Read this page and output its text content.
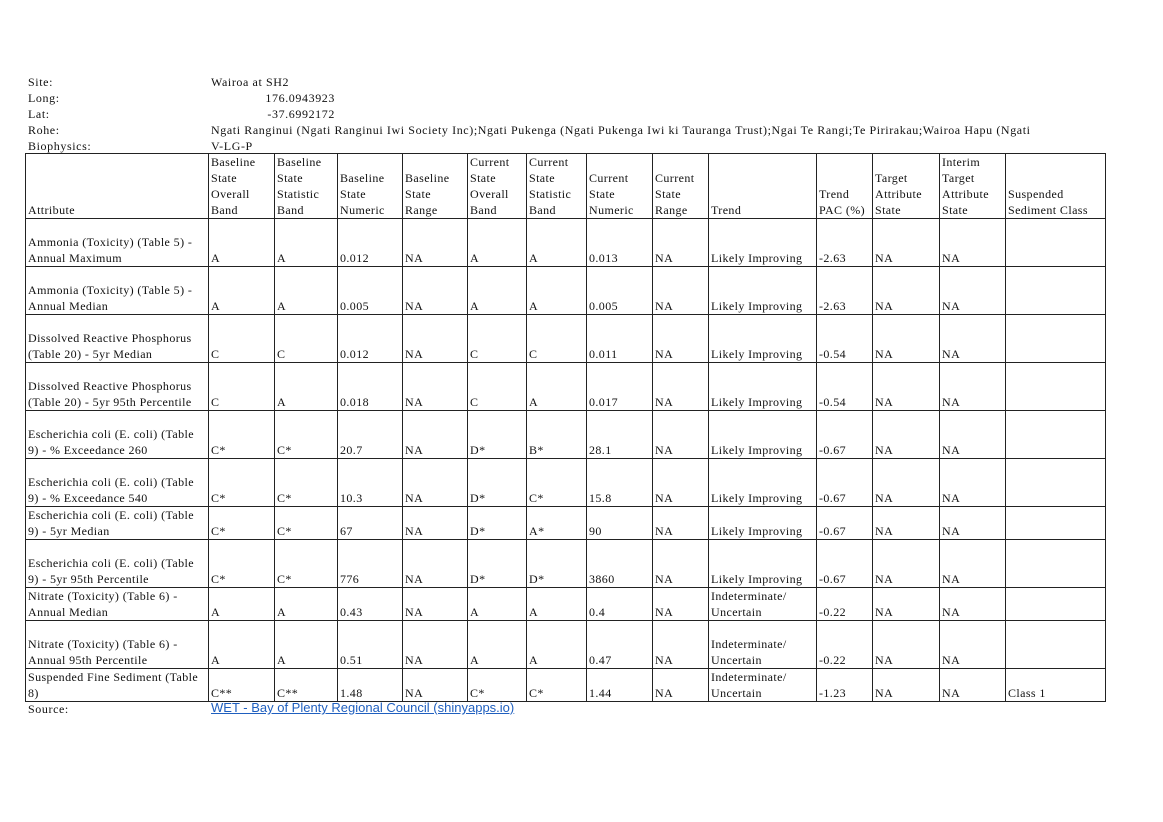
Site:	Wairoa at SH2
Long:	176.0943923
Lat:	-37.6992172
Rohe:	Ngati Ranginui (Ngati Ranginui Iwi Society Inc);Ngati Pukenga (Ngati Pukenga Iwi ki Tauranga Trust);Ngai Te Rangi;Te Pirirakau;Wairoa Hapu (Ngati
Biophysics:	V-LG-P
Attribute	Baseline State Overall Band	Baseline State Statistic Band	Baseline State Numeric	Baseline State Range	Current State Overall Band	Current State Statistic Band	Current State Numeric	Current State Range	Trend	Trend PAC (%)	Target Attribute State	Interim Target Attribute State	Suspended Sediment Class
Ammonia (Toxicity) (Table 5) - Annual Maximum	A	A	0.012	NA	A	A	0.013	NA	Likely Improving	-2.63	NA	NA	
Ammonia (Toxicity) (Table 5) - Annual Median	A	A	0.005	NA	A	A	0.005	NA	Likely Improving	-2.63	NA	NA	
Dissolved Reactive Phosphorus (Table 20) - 5yr Median	C	C	0.012	NA	C	C	0.011	NA	Likely Improving	-0.54	NA	NA	
Dissolved Reactive Phosphorus (Table 20) - 5yr 95th Percentile	C	A	0.018	NA	C	A	0.017	NA	Likely Improving	-0.54	NA	NA	
Escherichia coli (E. coli) (Table 9) - % Exceedance 260	C*	C*	20.7	NA	D*	B*	28.1	NA	Likely Improving	-0.67	NA	NA	
Escherichia coli (E. coli) (Table 9) - % Exceedance 540	C*	C*	10.3	NA	D*	C*	15.8	NA	Likely Improving	-0.67	NA	NA	
Escherichia coli (E. coli) (Table 9) - 5yr Median	C*	C*	67	NA	D*	A*	90	NA	Likely Improving	-0.67	NA	NA	
Escherichia coli (E. coli) (Table 9) - 5yr 95th Percentile	C*	C*	776	NA	D*	D*	3860	NA	Likely Improving	-0.67	NA	NA	
Nitrate (Toxicity) (Table 6) - Annual Median	A	A	0.43	NA	A	A	0.4	NA	Indeterminate/ Uncertain	-0.22	NA	NA	
Nitrate (Toxicity) (Table 6) - Annual 95th Percentile	A	A	0.51	NA	A	A	0.47	NA	Indeterminate/ Uncertain	-0.22	NA	NA	
Suspended Fine Sediment (Table 8)	C**	C**	1.48	NA	C*	C*	1.44	NA	Indeterminate/ Uncertain	-1.23	NA	NA	Class 1
Source:	WET - Bay of Plenty Regional Council (shinyapps.io)
